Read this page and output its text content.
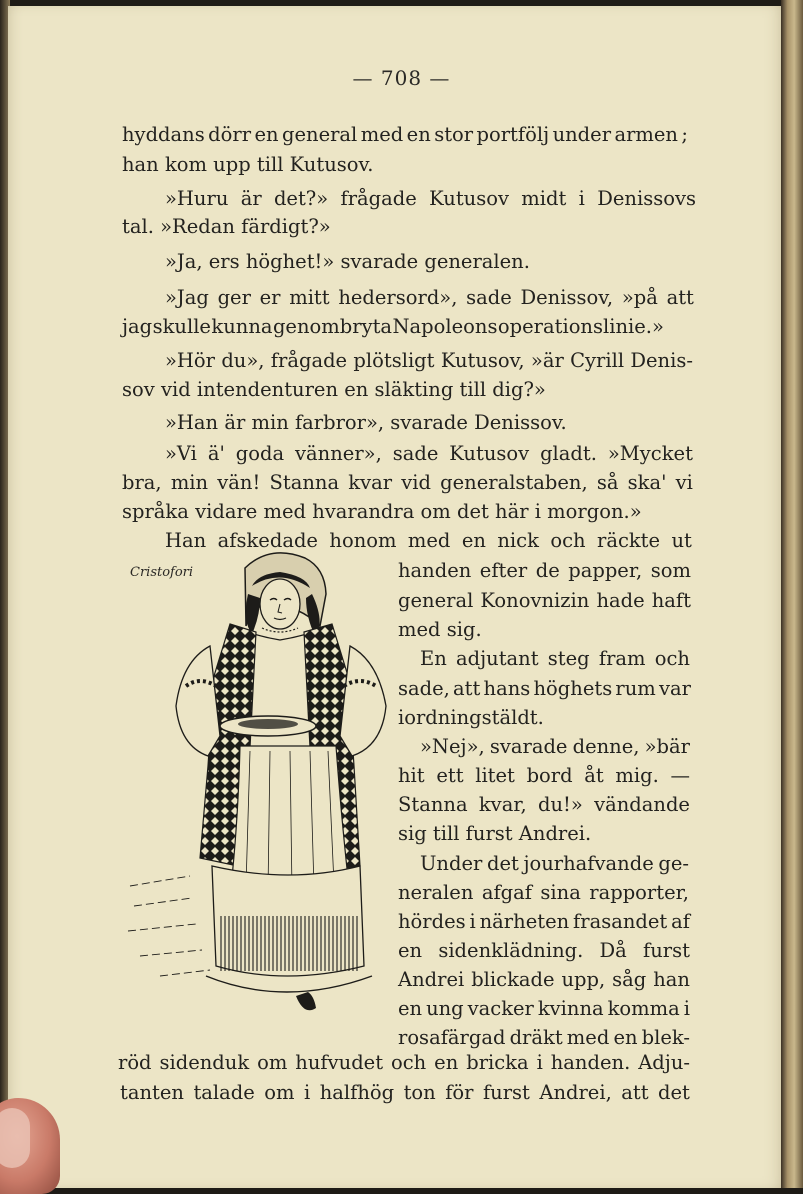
— 708 —
hyddans dörr en general med en stor portfölj under armen ;
han kom upp till Kutusov.
»Huru är det?» frågade Kutusov midt i Denissovs
tal. »Redan färdigt?»
»Ja, ers höghet!» svarade generalen.
»Jag ger er mitt hedersord», sade Denissov, »på att
jag skulle kunna genombryta Napoleons operationslinie.»
»Hör du», frågade plötsligt Kutusov, »är Cyrill Denis-
sov vid intendenturen en släkting till dig?»
»Han är min farbror», svarade Denissov.
»Vi ä' goda vänner», sade Kutusov gladt. »Mycket
bra, min vän! Stanna kvar vid generalstaben, så ska' vi
språka vidare med hvarandra om det här i morgon.»
Han afskedade honom med en nick och räckte ut
handen efter de papper, som
general Konovnizin hade haft
med sig.
En adjutant steg fram och
sade, att hans höghets rum var
iordningstäldt.
»Nej», svarade denne, »bär
hit ett litet bord åt mig. —
Stanna kvar, du!» vändande
sig till furst Andrei.
Under det jourhafvande ge-
neralen afgaf sina rapporter,
hördes i närheten frasandet af
en sidenklädning. Då furst
Andrei blickade upp, såg han
en ung vacker kvinna komma i
rosafärgad dräkt med en blek-
röd sidenduk om hufvudet och en bricka i handen. Adju-
tanten talade om i halfhög ton för furst Andrei, att det
Cristofori
